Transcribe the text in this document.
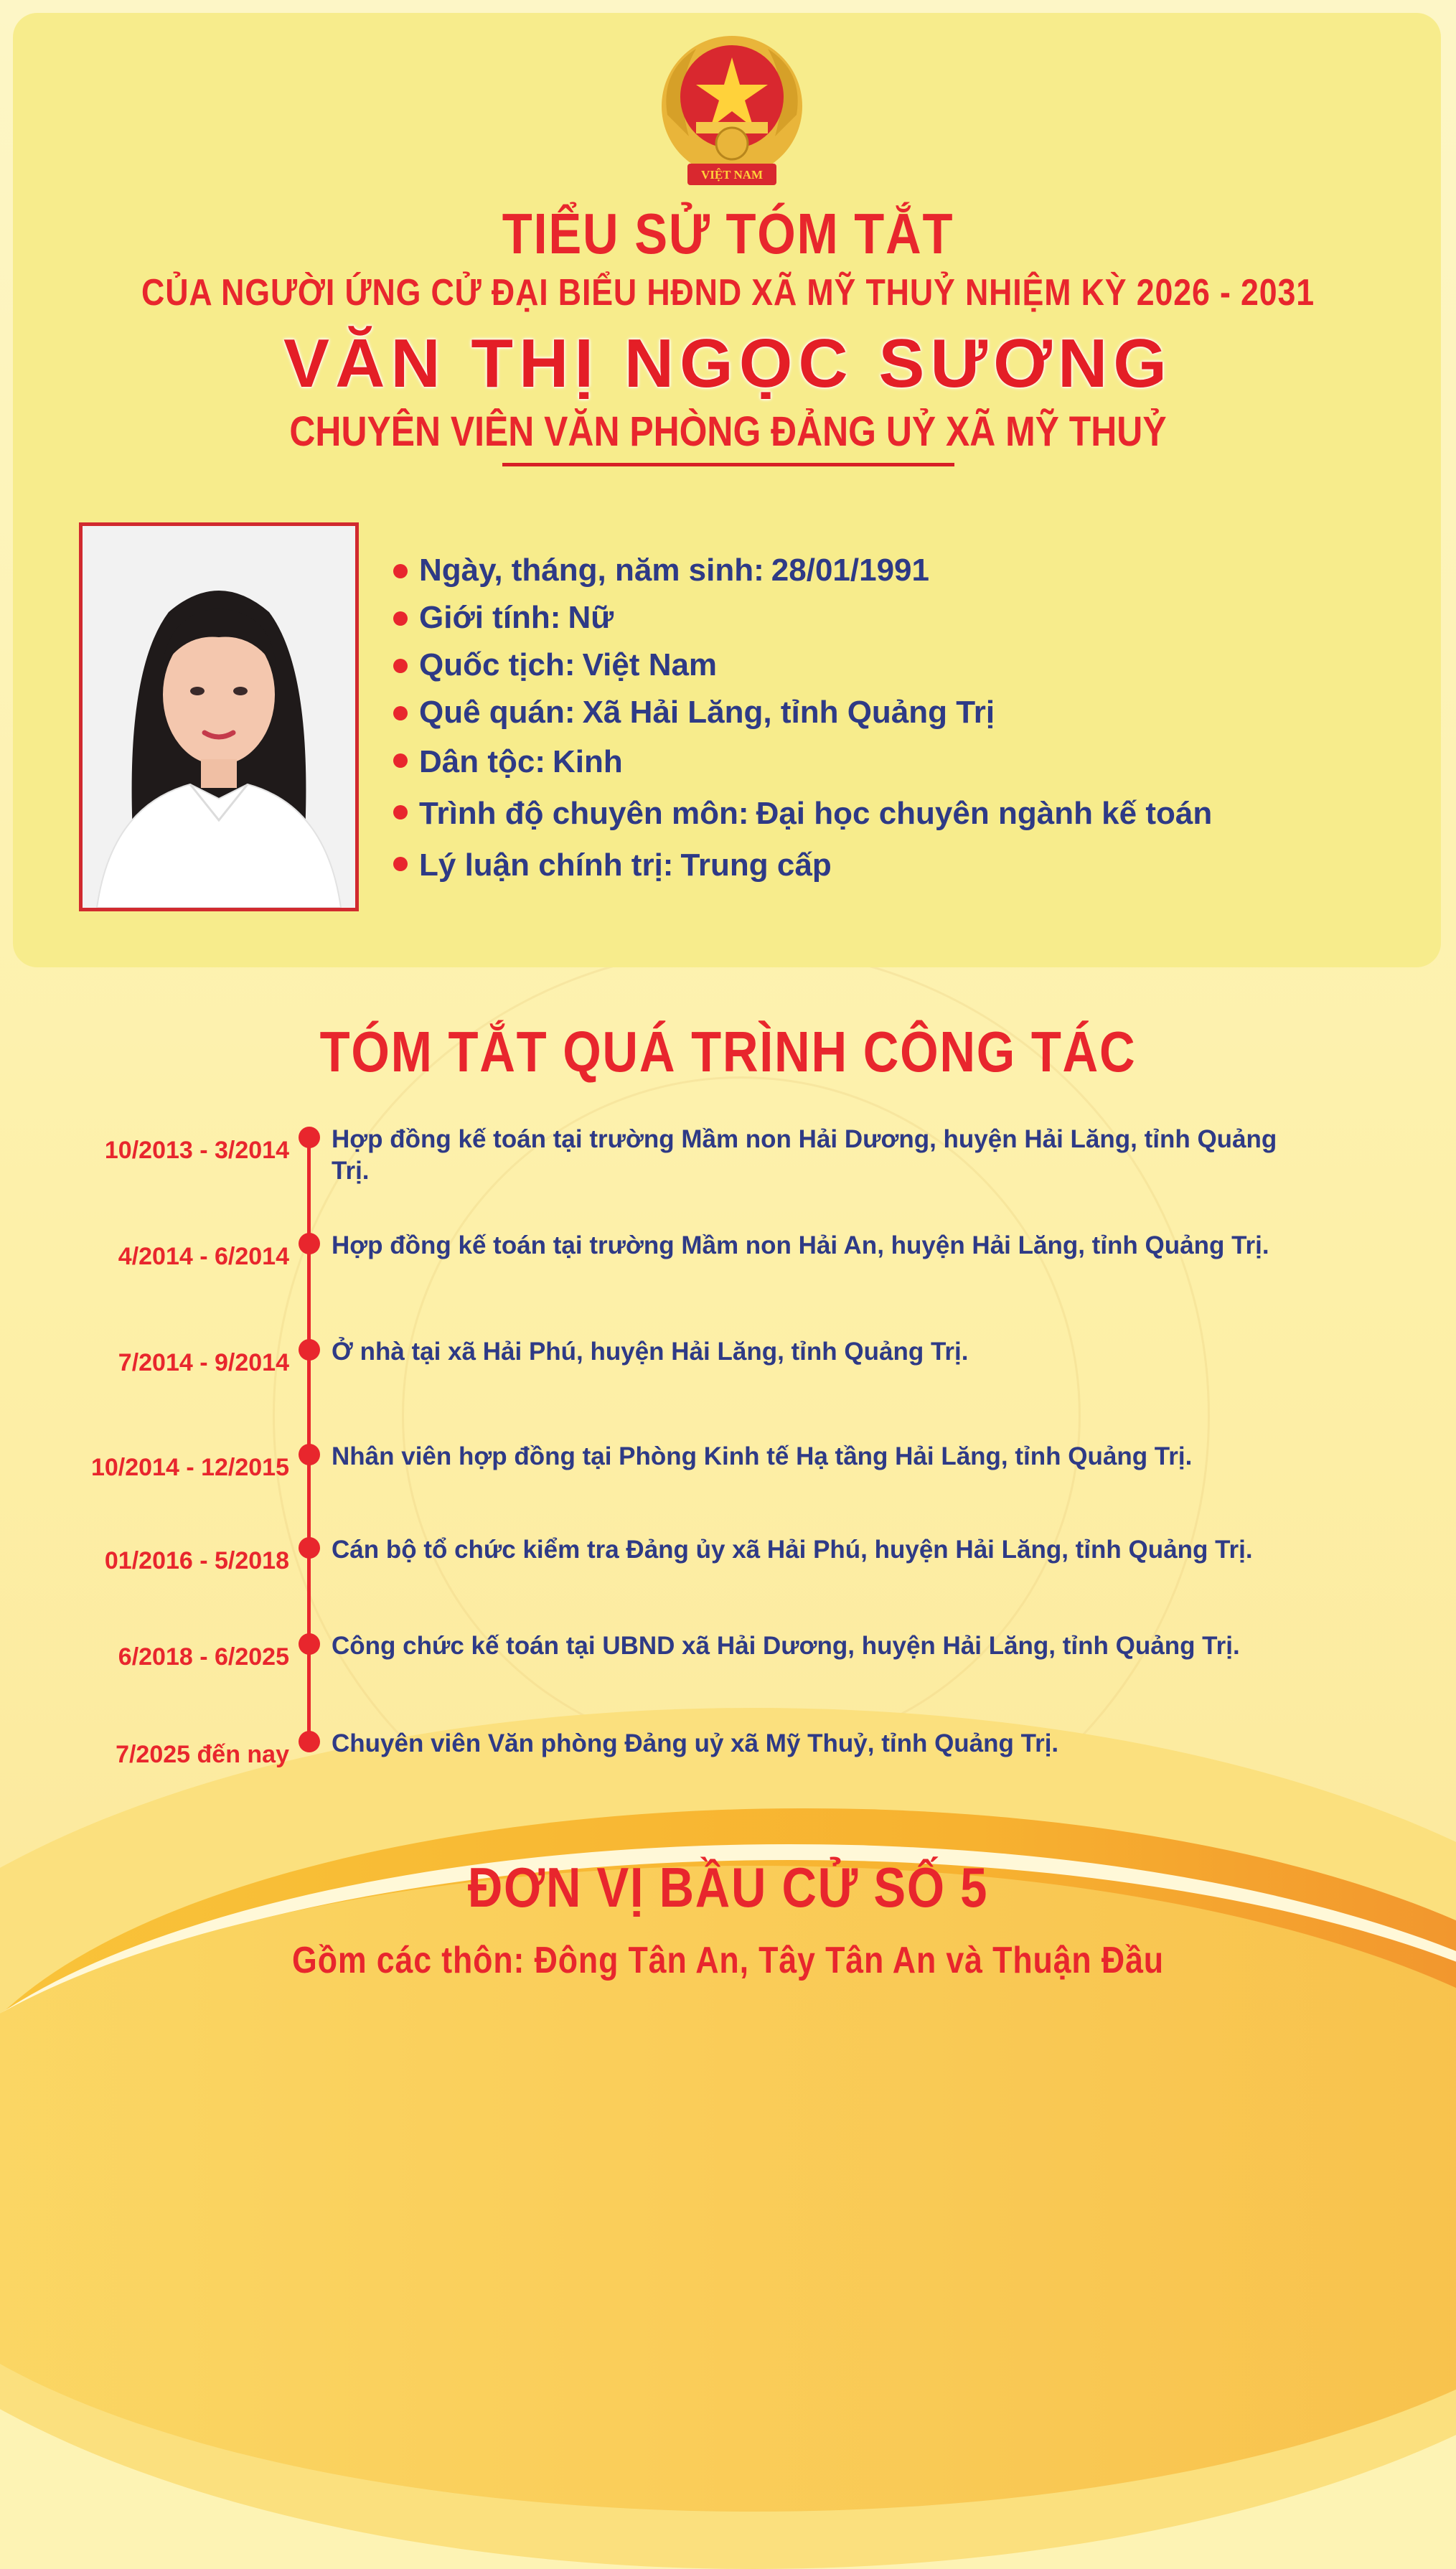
VIỆT NAM
TIỂU SỬ TÓM TẮT
CỦA NGƯỜI ỨNG CỬ ĐẠI BIỂU HĐND XÃ MỸ THUỶ NHIỆM KỲ 2026 - 2031
VĂN THỊ NGỌC SƯƠNG
CHUYÊN VIÊN VĂN PHÒNG ĐẢNG UỶ XÃ MỸ THUỶ
Ngày, tháng, năm sinh: 28/01/1991
Giới tính: Nữ
Quốc tịch: Việt Nam
Quê quán: Xã Hải Lăng, tỉnh Quảng Trị
Dân tộc: Kinh
Trình độ chuyên môn: Đại học chuyên ngành kế toán
Lý luận chính trị: Trung cấp
TÓM TẮT QUÁ TRÌNH CÔNG TÁC
10/2013 - 3/2014 Hợp đồng kế toán tại trường Mầm non Hải Dương, huyện Hải Lăng, tỉnh Quảng Trị.
4/2014 - 6/2014 Hợp đồng kế toán tại trường Mầm non Hải An, huyện Hải Lăng, tỉnh Quảng Trị.
7/2014 - 9/2014 Ở nhà tại xã Hải Phú, huyện Hải Lăng, tỉnh Quảng Trị.
10/2014 - 12/2015 Nhân viên hợp đồng tại Phòng Kinh tế Hạ tầng Hải Lăng, tỉnh Quảng Trị.
01/2016 - 5/2018 Cán bộ tổ chức kiểm tra Đảng ủy xã Hải Phú, huyện Hải Lăng, tỉnh Quảng Trị.
6/2018 - 6/2025 Công chức kế toán tại UBND xã Hải Dương, huyện Hải Lăng, tỉnh Quảng Trị.
7/2025 đến nay Chuyên viên Văn phòng Đảng uỷ xã Mỹ Thuỷ, tỉnh Quảng Trị.
ĐƠN VỊ BẦU CỬ SỐ 5
Gồm các thôn: Đông Tân An, Tây Tân An và Thuận Đầu
